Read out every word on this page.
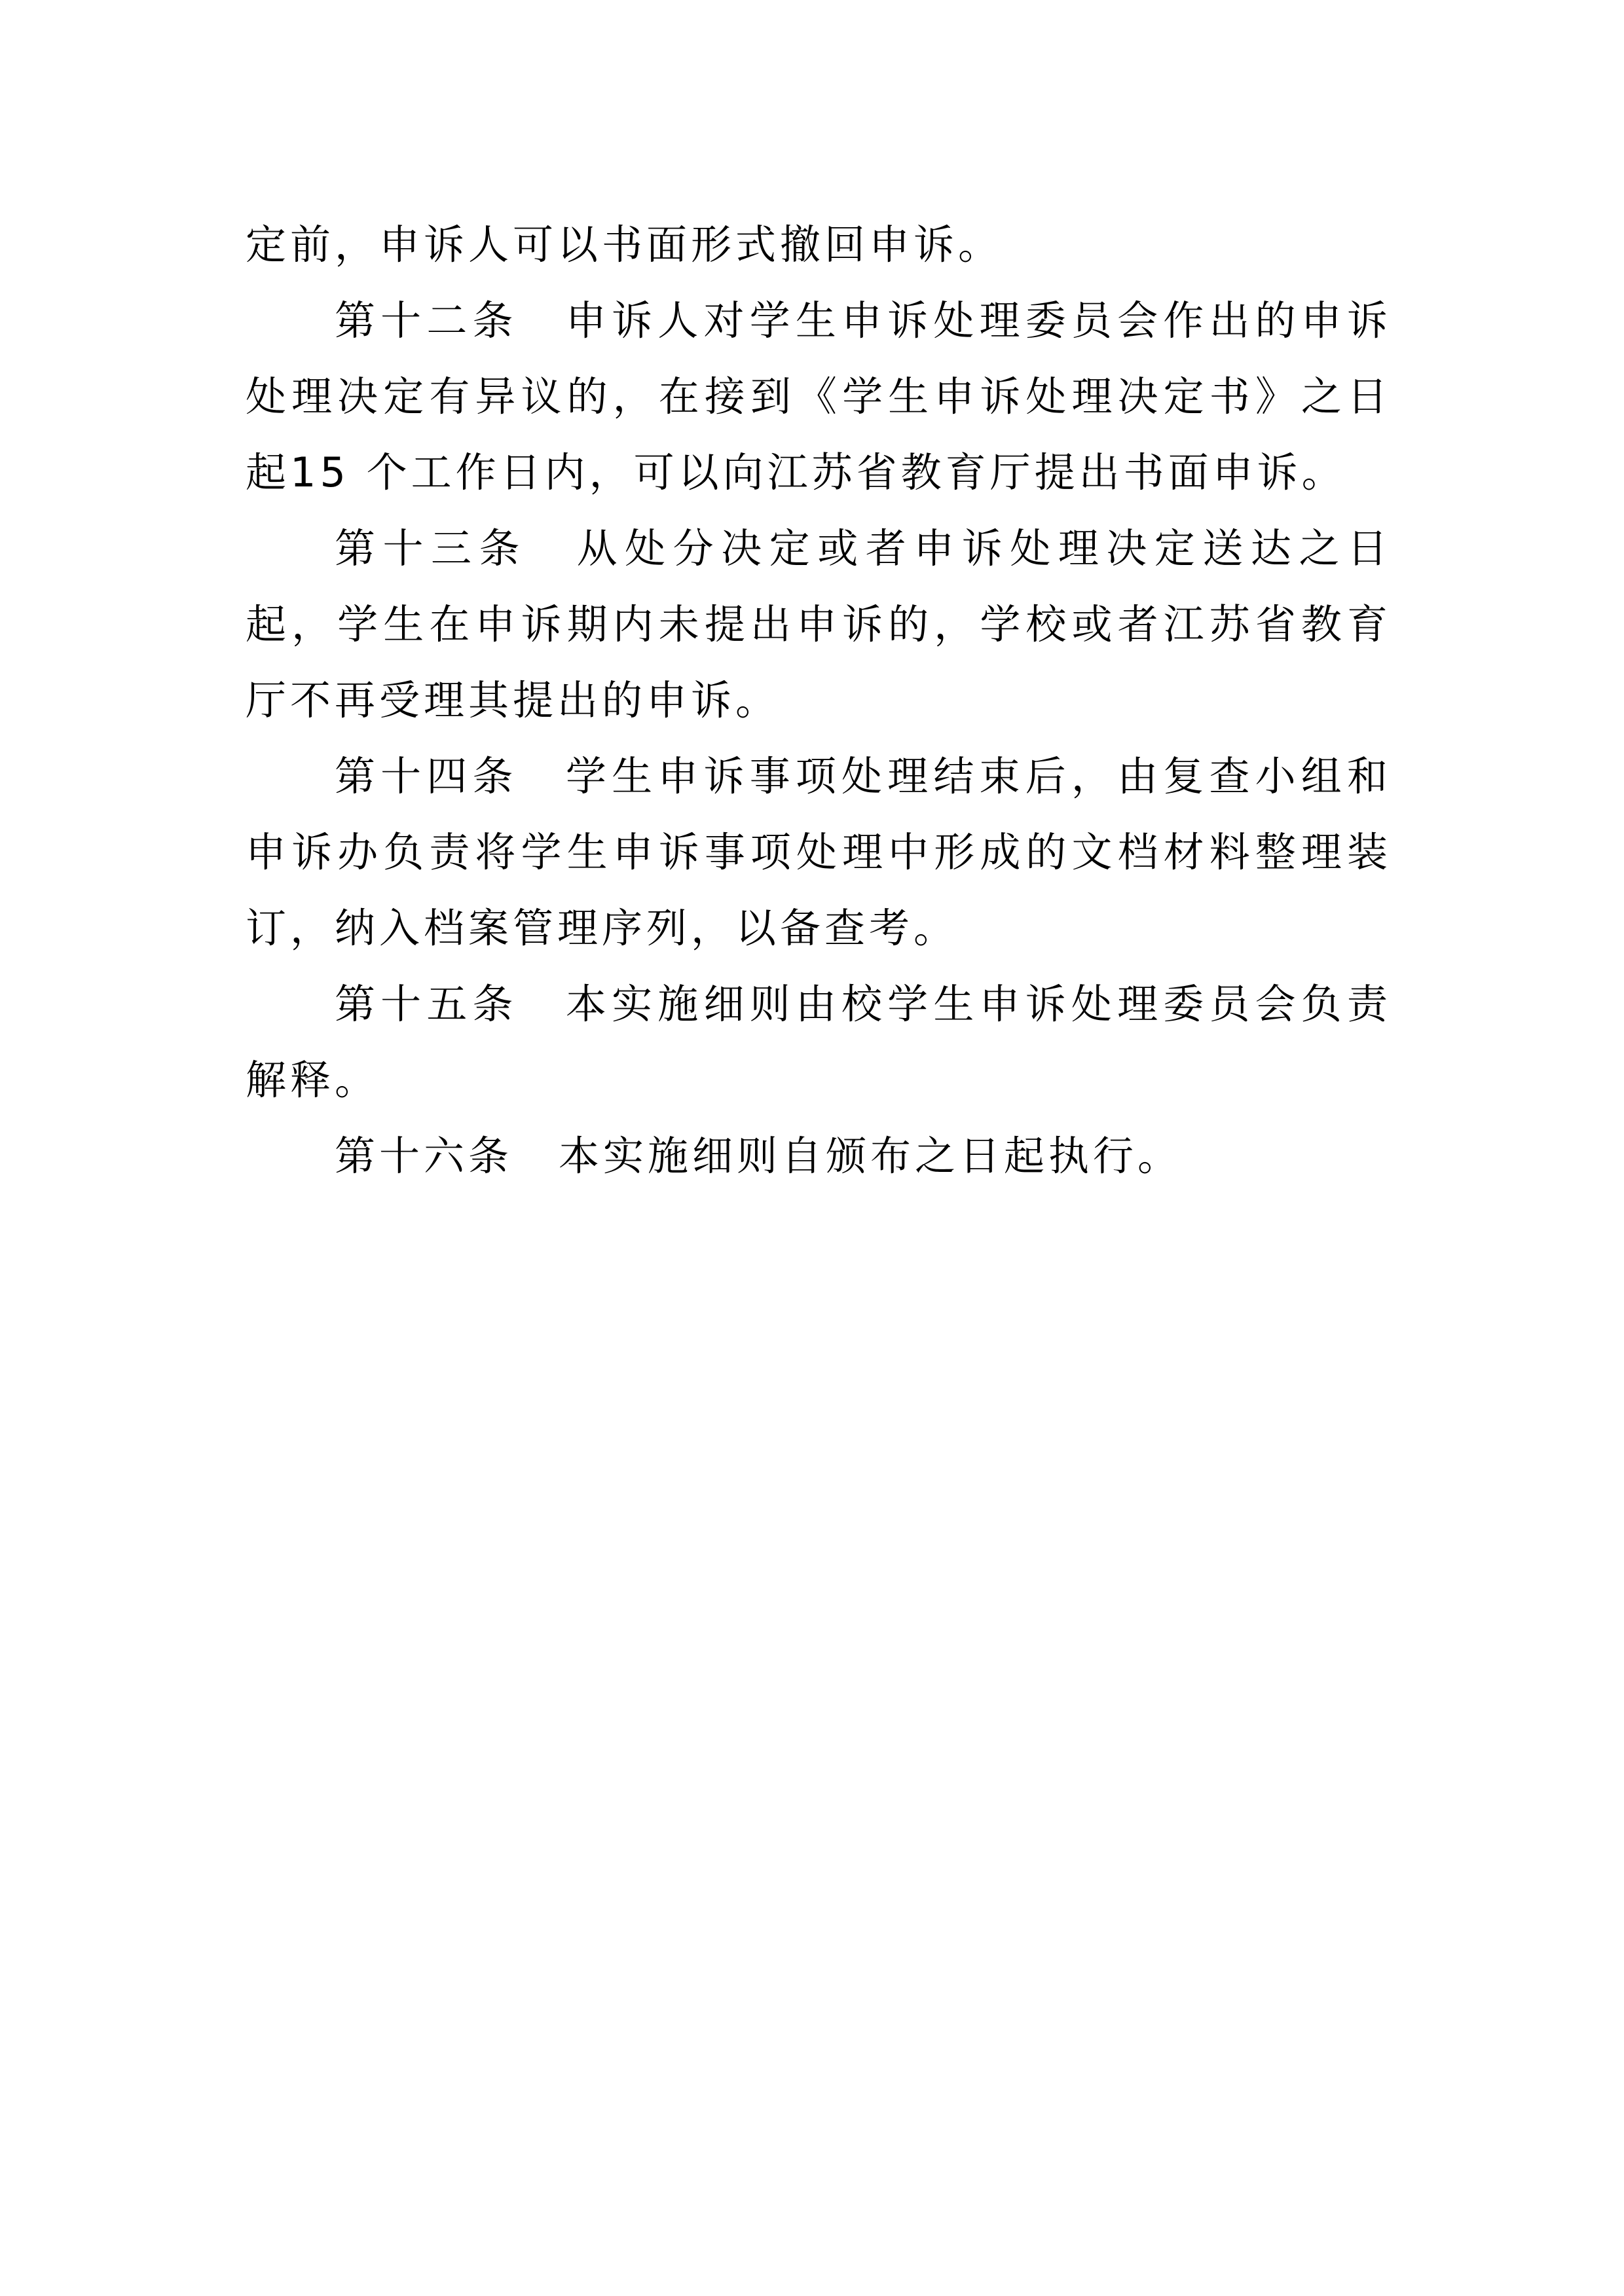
定前，申诉人可以书面形式撤回申诉。

第十二条 申诉人对学生申诉处理委员会作出的申诉处理决定有异议的，在接到《学生申诉处理决定书》之日起15 个工作日内，可以向江苏省教育厅提出书面申诉。

第十三条 从处分决定或者申诉处理决定送达之日起，学生在申诉期内未提出申诉的，学校或者江苏省教育厅不再受理其提出的申诉。

第十四条 学生申诉事项处理结束后，由复查小组和申诉办负责将学生申诉事项处理中形成的文档材料整理装订，纳入档案管理序列，以备查考。

第十五条 本实施细则由校学生申诉处理委员会负责解释。

第十六条 本实施细则自颁布之日起执行。
